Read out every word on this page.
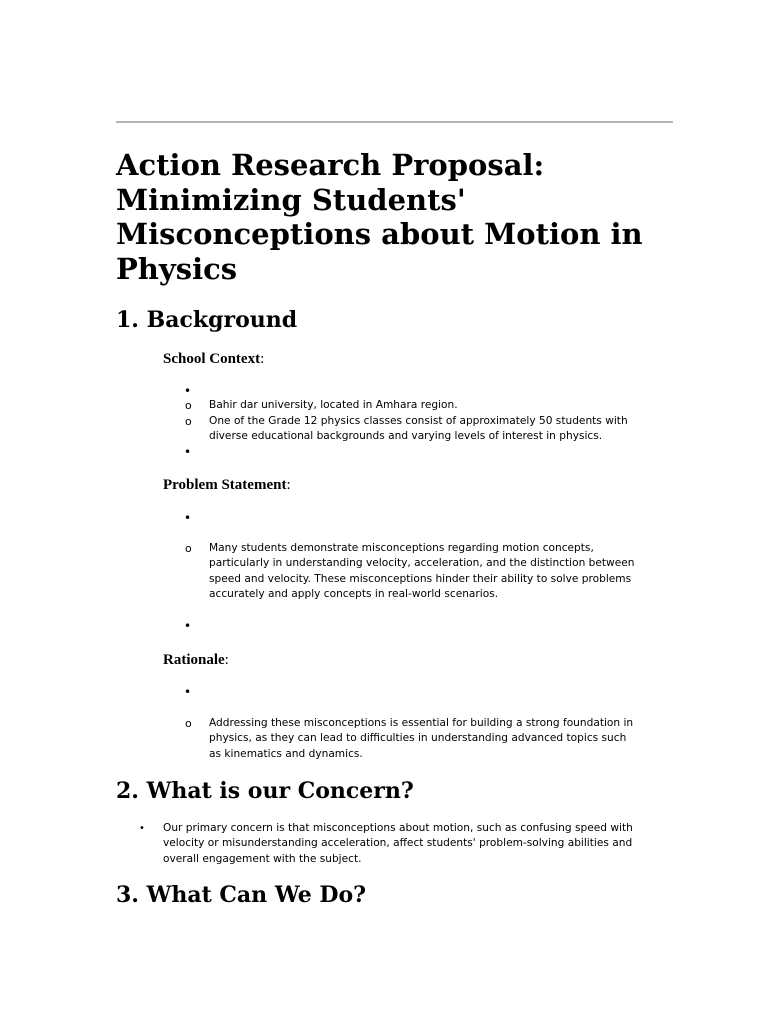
Action Research Proposal: Minimizing Students' Misconceptions about Motion in Physics
1. Background

School Context:

•
o Bahir dar university, located in Amhara region.

o One of the Grade 12 physics classes consist of approximately 50 students with diverse educational backgrounds and varying levels of interest in physics.

•

Problem Statement:

•
o Many students demonstrate misconceptions regarding motion concepts, particularly in understanding velocity, acceleration, and the distinction between speed and velocity. These misconceptions hinder their ability to solve problems accurately and apply concepts in real-world scenarios.

•

Rationale:

•
o Addressing these misconceptions is essential for building a strong foundation in physics, as they can lead to difficulties in understanding advanced topics such as kinematics and dynamics.

2. What is our Concern?
• Our primary concern is that misconceptions about motion, such as confusing speed with velocity or misunderstanding acceleration, affect students' problem-solving abilities and overall engagement with the subject.

3. What Can We Do?
